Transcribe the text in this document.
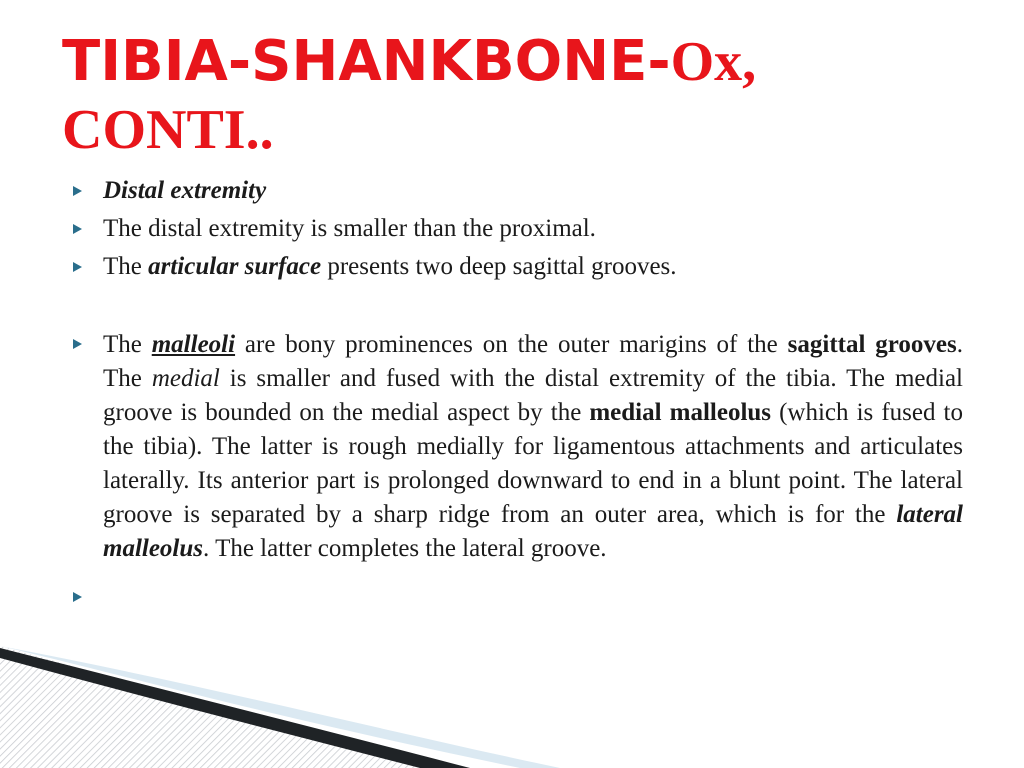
TIBIA-SHANKBONE-Ox,
CONTI..
Distal extremity
The distal extremity is smaller than the proximal.
The articular surface presents two deep sagittal grooves.
The malleoli are bony prominences on the outer marigins of the sagittal grooves. The medial is smaller and fused with the distal extremity of the tibia. The medial groove is bounded on the medial aspect by the medial malleolus (which is fused to the tibia). The latter is rough medially for ligamentous attachments and articulates laterally. Its anterior part is prolonged downward to end in a blunt point. The lateral groove is separated by a sharp ridge from an outer area, which is for the lateral malleolus. The latter completes the lateral groove.
